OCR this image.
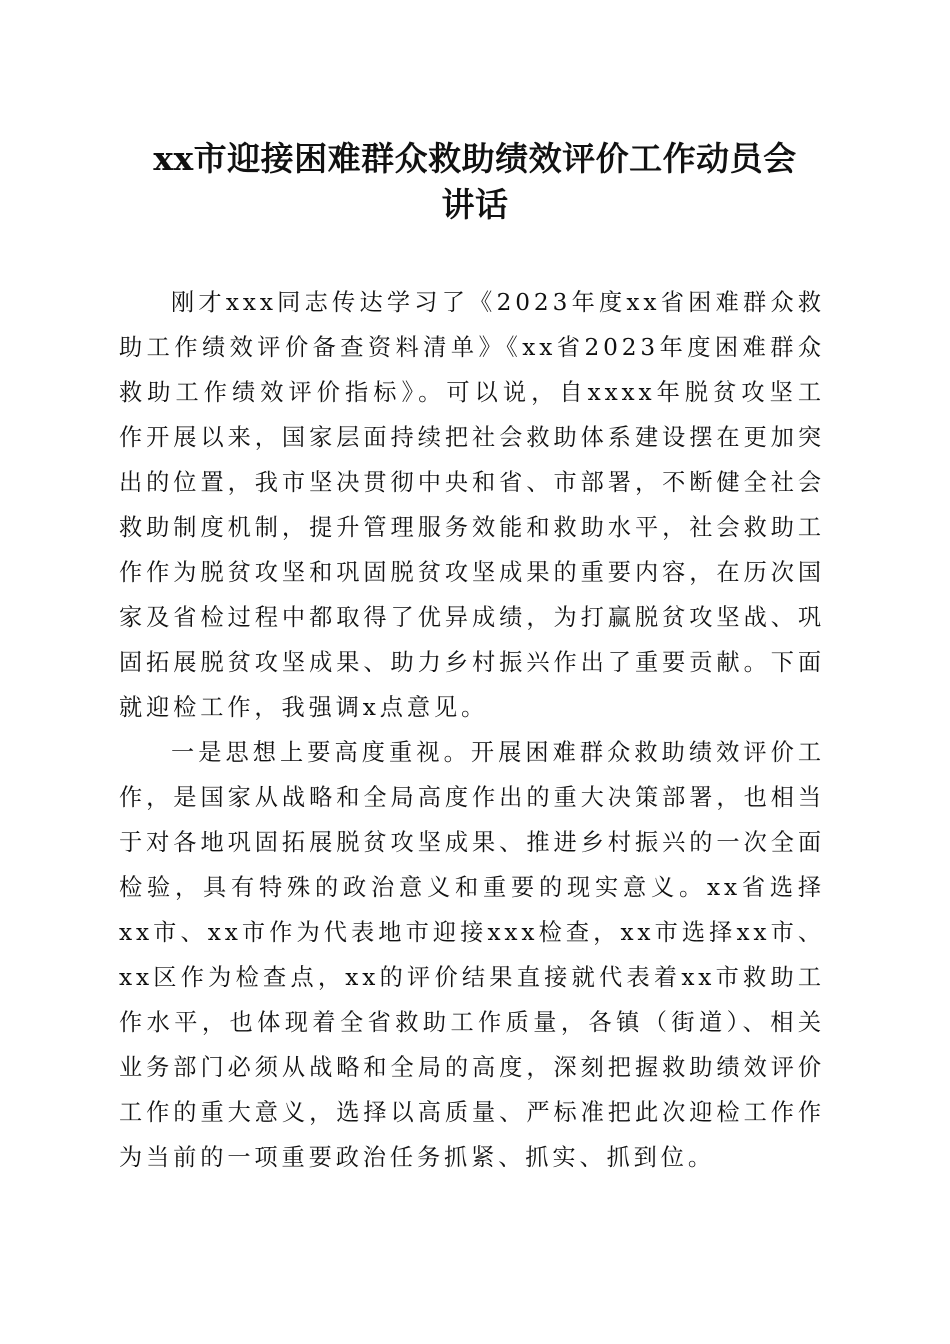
xx市迎接困难群众救助绩效评价工作动员会
讲话

刚才xxx同志传达学习了《2023年度xx省困难群众救助工作绩效评价备查资料清单》《xx省2023年度困难群众救助工作绩效评价指标》。可以说，自xxxx年脱贫攻坚工作开展以来，国家层面持续把社会救助体系建设摆在更加突出的位置，我市坚决贯彻中央和省、市部署，不断健全社会救助制度机制，提升管理服务效能和救助水平，社会救助工作作为脱贫攻坚和巩固脱贫攻坚成果的重要内容，在历次国家及省检过程中都取得了优异成绩，为打赢脱贫攻坚战、巩固拓展脱贫攻坚成果、助力乡村振兴作出了重要贡献。下面就迎检工作，我强调x点意见。

一是思想上要高度重视。开展困难群众救助绩效评价工作，是国家从战略和全局高度作出的重大决策部署，也相当于对各地巩固拓展脱贫攻坚成果、推进乡村振兴的一次全面检验，具有特殊的政治意义和重要的现实意义。xx省选择xx市、xx市作为代表地市迎接xxx检查，xx市选择xx市、xx区作为检查点，xx的评价结果直接就代表着xx市救助工作水平，也体现着全省救助工作质量，各镇（街道）、相关业务部门必须从战略和全局的高度，深刻把握救助绩效评价工作的重大意义，选择以高质量、严标准把此次迎检工作作为当前的一项重要政治任务抓紧、抓实、抓到位。
